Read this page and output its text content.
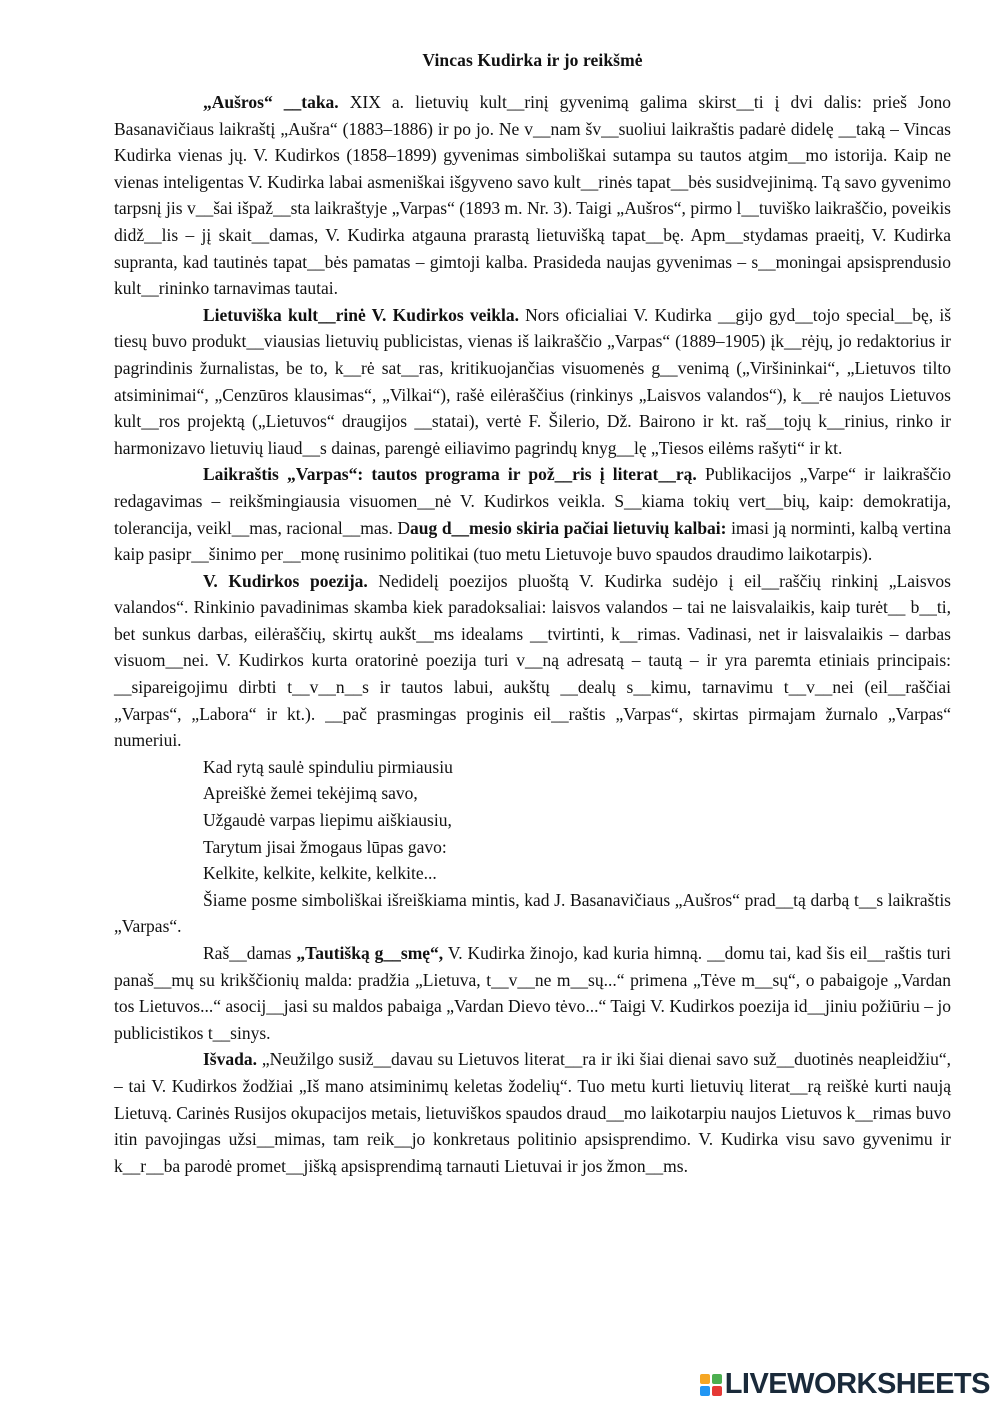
Vincas Kudirka ir jo reikšmė

„Aušros“ __taka. XIX a. lietuvių kult__rinį gyvenimą galima skirst__ti į dvi dalis: prieš Jono Basanavičiaus laikraštį „Aušra“ (1883–1886) ir po jo. Ne v__nam šv__suoliui laikraštis padarė didelę __taką – Vincas Kudirka vienas jų. V. Kudirkos (1858–1899) gyvenimas simboliškai sutampa su tautos atgim__mo istorija. Kaip ne vienas inteligentas V. Kudirka labai asmeniškai išgyveno savo kult__rinės tapat__bės susidvejinimą. Tą savo gyvenimo tarpsnį jis v__šai išpaž__sta laikraštyje „Varpas“ (1893 m. Nr. 3). Taigi „Aušros“, pirmo l__tuviško laikraščio, poveikis didž__lis – jį skait__damas, V. Kudirka atgauna prarastą lietuvišką tapat__bę. Apm__stydamas praeitį, V. Kudirka supranta, kad tautinės tapat__bės pamatas – gimtoji kalba. Prasideda naujas gyvenimas – s__moningai apsisprendusio kult__rininko tarnavimas tautai.

Lietuviška kult__rinė V. Kudirkos veikla. Nors oficialiai V. Kudirka __gijo gyd__tojo special__bę, iš tiesų buvo produkt__viausias lietuvių publicistas, vienas iš laikraščio „Varpas“ (1889–1905) įk__rėjų, jo redaktorius ir pagrindinis žurnalistas, be to, k__rė sat__ras, kritikuojančias visuomenės g__venimą („Viršininkai“, „Lietuvos tilto atsiminimai“, „Cenzūros klausimas“, „Vilkai“), rašė eilėraščius (rinkinys „Laisvos valandos“), k__rė naujos Lietuvos kult__ros projektą („Lietuvos“ draugijos __statai), vertė F. Šilerio, Dž. Bairono ir kt. raš__tojų k__rinius, rinko ir harmonizavo lietuvių liaud__s dainas, parengė eiliavimo pagrindų knyg__lę „Tiesos eilėms rašyti“ ir kt.

Laikraštis „Varpas“: tautos programa ir pož__ris į literat__rą. Publikacijos „Varpe“ ir laikraščio redagavimas – reikšmingiausia visuomen__nė V. Kudirkos veikla. S__kiama tokių vert__bių, kaip: demokratija, tolerancija, veikl__mas, racional__mas. Daug d__mesio skiria pačiai lietuvių kalbai: imasi ją norminti, kalbą vertina kaip pasipr__šinimo per__monę rusinimo politikai (tuo metu Lietuvoje buvo spaudos draudimo laikotarpis).

V. Kudirkos poezija. Nedidelį poezijos pluoštą V. Kudirka sudėjo į eil__raščių rinkinį „Laisvos valandos“. Rinkinio pavadinimas skamba kiek paradoksaliai: laisvos valandos – tai ne laisvalaikis, kaip turėt__ b__ti, bet sunkus darbas, eilėraščių, skirtų aukšt__ms idealams __tvirtinti, k__rimas. Vadinasi, net ir laisvalaikis – darbas visuom__nei. V. Kudirkos kurta oratorinė poezija turi v__ną adresatą – tautą – ir yra paremta etiniais principais: __sipareigojimu dirbti t__v__n__s ir tautos labui, aukštų __dealų s__kimu, tarnavimu t__v__nei (eil__raščiai „Varpas“, „Labora“ ir kt.). __pač prasmingas proginis eil__raštis „Varpas“, skirtas pirmajam žurnalo „Varpas“ numeriui.

Kad rytą saulė spinduliu pirmiausiu
Apreiškė žemei tekėjimą savo,
Užgaudė varpas liepimu aiškiausiu,
Tarytum jisai žmogaus lūpas gavo:
Kelkite, kelkite, kelkite, kelkite...

Šiame posme simboliškai išreiškiama mintis, kad J. Basanavičiaus „Aušros“ prad__tą darbą t__s laikraštis „Varpas“.

Raš__damas „Tautišką g__smę“, V. Kudirka žinojo, kad kuria himną. __domu tai, kad šis eil__raštis turi panaš__mų su krikščionių malda: pradžia „Lietuva, t__v__ne m__sų...“ primena „Tėve m__sų“, o pabaigoje „Vardan tos Lietuvos...“ asocij__jasi su maldos pabaiga „Vardan Dievo tėvo...“ Taigi V. Kudirkos poezija id__jiniu požiūriu – jo publicistikos t__sinys.

Išvada. „Neužilgo susiž__davau su Lietuvos literat__ra ir iki šiai dienai savo suž__duotinės neapleidžiu“, – tai V. Kudirkos žodžiai „Iš mano atsiminimų keletas žodelių“. Tuo metu kurti lietuvių literat__rą reiškė kurti naują Lietuvą. Carinės Rusijos okupacijos metais, lietuviškos spaudos draud__mo laikotarpiu naujos Lietuvos k__rimas buvo itin pavojingas užsi__mimas, tam reik__jo konkretaus politinio apsisprendimo. V. Kudirka visu savo gyvenimu ir k__r__ba parodė promet__jišką apsisprendimą tarnauti Lietuvai ir jos žmon__ms.

LIVEWORKSHEETS
